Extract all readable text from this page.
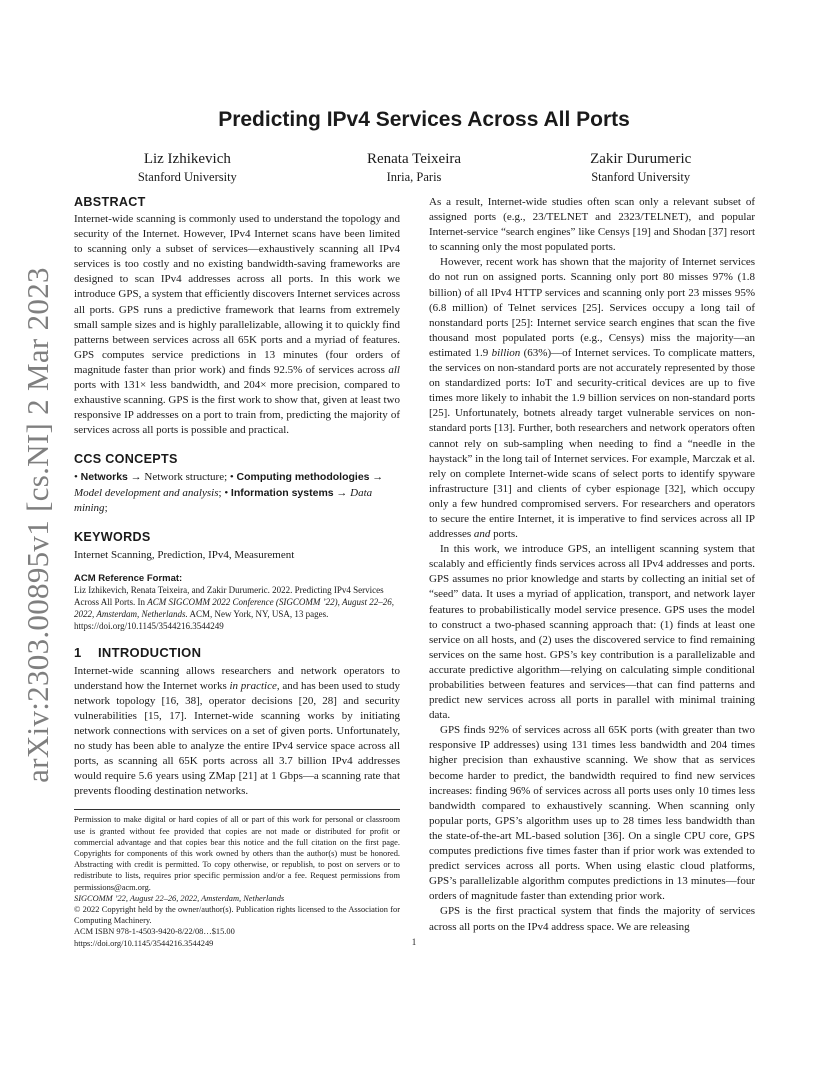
arXiv:2303.00895v1 [cs.NI] 2 Mar 2023
Predicting IPv4 Services Across All Ports
Liz Izhikevich
Stanford University
Renata Teixeira
Inria, Paris
Zakir Durumeric
Stanford University
ABSTRACT

Internet-wide scanning is commonly used to understand the topology and security of the Internet. However, IPv4 Internet scans have been limited to scanning only a subset of services—exhaustively scanning all IPv4 services is too costly and no existing bandwidth-saving frameworks are designed to scan IPv4 addresses across all ports. In this work we introduce GPS, a system that efficiently discovers Internet services across all ports. GPS runs a predictive framework that learns from extremely small sample sizes and is highly parallelizable, allowing it to quickly find patterns between services across all 65K ports and a myriad of features. GPS computes service predictions in 13 minutes (four orders of magnitude faster than prior work) and finds 92.5% of services across all ports with 131× less bandwidth, and 204× more precision, compared to exhaustive scanning. GPS is the first work to show that, given at least two responsive IP addresses on a port to train from, predicting the majority of services across all ports is possible and practical.

CCS CONCEPTS

• Networks → Network structure; • Computing methodologies → Model development and analysis; • Information systems → Data mining;

KEYWORDS

Internet Scanning, Prediction, IPv4, Measurement

ACM Reference Format:

Liz Izhikevich, Renata Teixeira, and Zakir Durumeric. 2022. Predicting IPv4 Services Across All Ports. In ACM SIGCOMM 2022 Conference (SIGCOMM ’22), August 22–26, 2022, Amsterdam, Netherlands. ACM, New York, NY, USA, 13 pages. https://doi.org/10.1145/3544216.3544249

1 INTRODUCTION

Internet-wide scanning allows researchers and network operators to understand how the Internet works in practice, and has been used to study network topology [16, 38], operator decisions [20, 28] and security vulnerabilities [15, 17]. Internet-wide scanning works by initiating network connections with services on a set of given ports. Unfortunately, no study has been able to analyze the entire IPv4 service space across all ports, as scanning all 65K ports across all 3.7 billion IPv4 addresses would require 5.6 years using ZMap [21] at 1 Gbps—a scanning rate that prevents flooding destination networks.

Permission to make digital or hard copies of all or part of this work for personal or classroom use is granted without fee provided that copies are not made or distributed for profit or commercial advantage and that copies bear this notice and the full citation on the first page. Copyrights for components of this work owned by others than the author(s) must be honored. Abstracting with credit is permitted. To copy otherwise, or republish, to post on servers or to redistribute to lists, requires prior specific permission and/or a fee. Request permissions from permissions@acm.org.

SIGCOMM ’22, August 22–26, 2022, Amsterdam, Netherlands

© 2022 Copyright held by the owner/author(s). Publication rights licensed to the Association for Computing Machinery.

ACM ISBN 978-1-4503-9420-8/22/08…$15.00

https://doi.org/10.1145/3544216.3544249

As a result, Internet-wide studies often scan only a relevant subset of assigned ports (e.g., 23/TELNET and 2323/TELNET), and popular Internet-service “search engines” like Censys [19] and Shodan [37] resort to scanning only the most populated ports.

However, recent work has shown that the majority of Internet services do not run on assigned ports. Scanning only port 80 misses 97% (1.8 billion) of all IPv4 HTTP services and scanning only port 23 misses 95% (6.8 million) of Telnet services [25]. Services occupy a long tail of nonstandard ports [25]: Internet service search engines that scan the five thousand most populated ports (e.g., Censys) miss the majority—an estimated 1.9 billion (63%)—of Internet services. To complicate matters, the services on non-standard ports are not accurately represented by those on standardized ports: IoT and security-critical devices are up to five times more likely to inhabit the 1.9 billion services on non-standard ports [25]. Unfortunately, botnets already target vulnerable services on non-standard ports [13]. Further, both researchers and network operators often cannot rely on sub-sampling when needing to find a “needle in the haystack” in the long tail of Internet services. For example, Marczak et al. rely on complete Internet-wide scans of select ports to identify spyware infrastructure [31] and clients of cyber espionage [32], which occupy only a few hundred compromised servers. For researchers and operators to secure the entire Internet, it is imperative to find services across all IP addresses and ports.

In this work, we introduce GPS, an intelligent scanning system that scalably and efficiently finds services across all IPv4 addresses and ports. GPS assumes no prior knowledge and starts by collecting an initial set of “seed” data. It uses a myriad of application, transport, and network layer features to probabilistically model service presence. GPS uses the model to construct a two-phased scanning approach that: (1) finds at least one service on all hosts, and (2) uses the discovered service to find remaining services on the same host. GPS’s key contribution is a parallelizable and accurate predictive algorithm—relying on calculating simple conditional probabilities between features and services—that can find patterns and predict new services across all ports in parallel with minimal training data.

GPS finds 92% of services across all 65K ports (with greater than two responsive IP addresses) using 131 times less bandwidth and 204 times higher precision than exhaustive scanning. We show that as services become harder to predict, the bandwidth required to find new services increases: finding 96% of services across all ports uses only 10 times less bandwidth compared to exhaustively scanning. When scanning only popular ports, GPS’s algorithm uses up to 28 times less bandwidth than the state-of-the-art ML-based solution [36]. On a single CPU core, GPS computes predictions five times faster than if prior work was extended to predict services across all ports. When using elastic cloud platforms, GPS’s parallelizable algorithm computes predictions in 13 minutes—four orders of magnitude faster than extending prior work.

GPS is the first practical system that finds the majority of services across all ports on the IPv4 address space. We are releasing

1
